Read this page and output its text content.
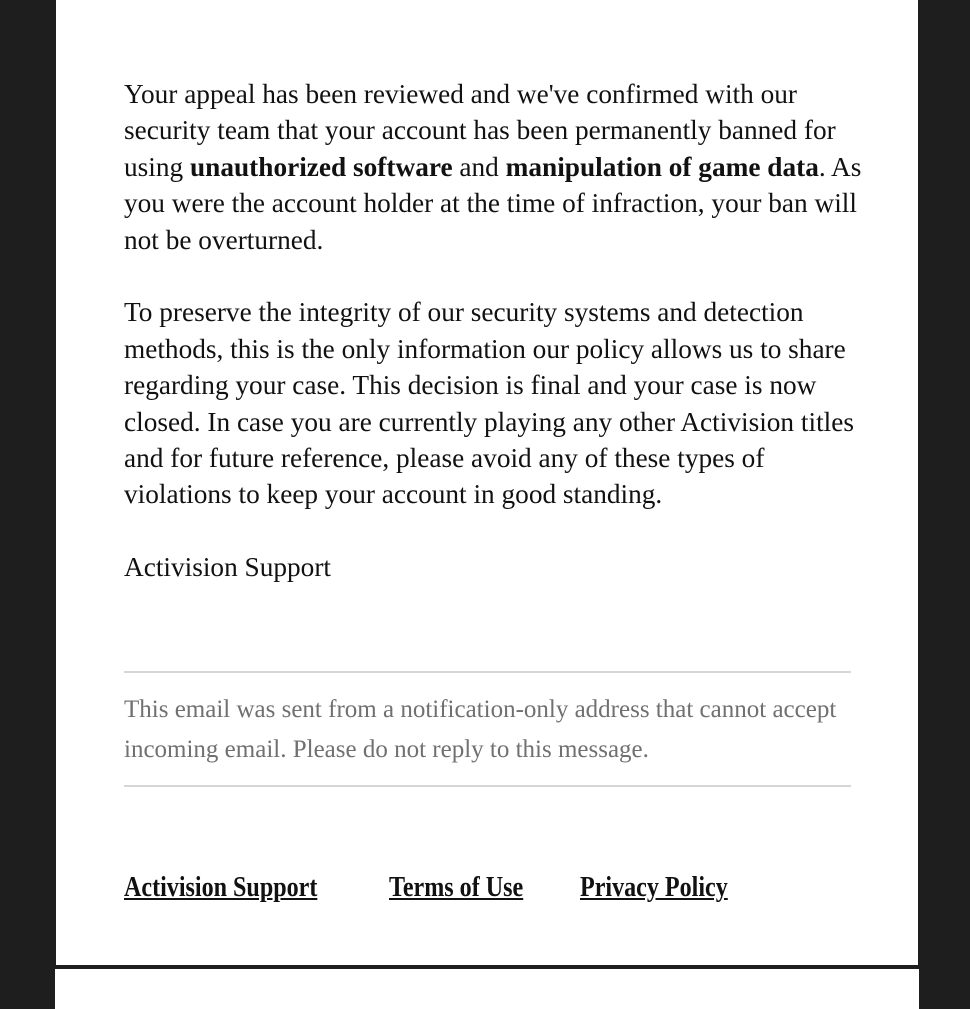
Your appeal has been reviewed and we've confirmed with our security team that your account has been permanently banned for using unauthorized software and manipulation of game data. As you were the account holder at the time of infraction, your ban will not be overturned.

To preserve the integrity of our security systems and detection methods, this is the only information our policy allows us to share regarding your case. This decision is final and your case is now closed. In case you are currently playing any other Activision titles and for future reference, please avoid any of these types of violations to keep your account in good standing.

Activision Support

This email was sent from a notification-only address that cannot accept incoming email. Please do not reply to this message.
Activision Support	Terms of Use Privacy Policy
